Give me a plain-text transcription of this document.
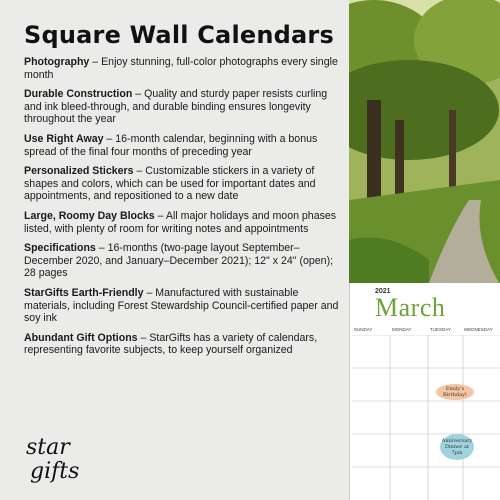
Square Wall Calendars
Photography – Enjoy stunning, full-color photographs every single month
Durable Construction – Quality and sturdy paper resists curling and ink bleed-through, and durable binding ensures longevity throughout the year
Use Right Away – 16-month calendar, beginning with a bonus spread of the final four months of preceding year
Personalized Stickers – Customizable stickers in a variety of shapes and colors, which can be used for important dates and appointments, and repositioned to a new date
Large, Roomy Day Blocks – All major holidays and moon phases listed, with plenty of room for writing notes and appointments
Specifications – 16-months (two-page layout September–December 2020, and January–December 2021); 12" x 24" (open); 28 pages
StarGifts Earth-Friendly – Manufactured with sustainable materials, including Forest Stewardship Council-certified paper and soy ink
Abundant Gift Options – StarGifts has a variety of calendars, representing favorite subjects, to keep yourself organized
star
gifts
2021
March
SUNDAY	MONDAY	TUESDAY	WEDNESDAY
Emily's Birthday!
Anniversary Dinner at 7pm
